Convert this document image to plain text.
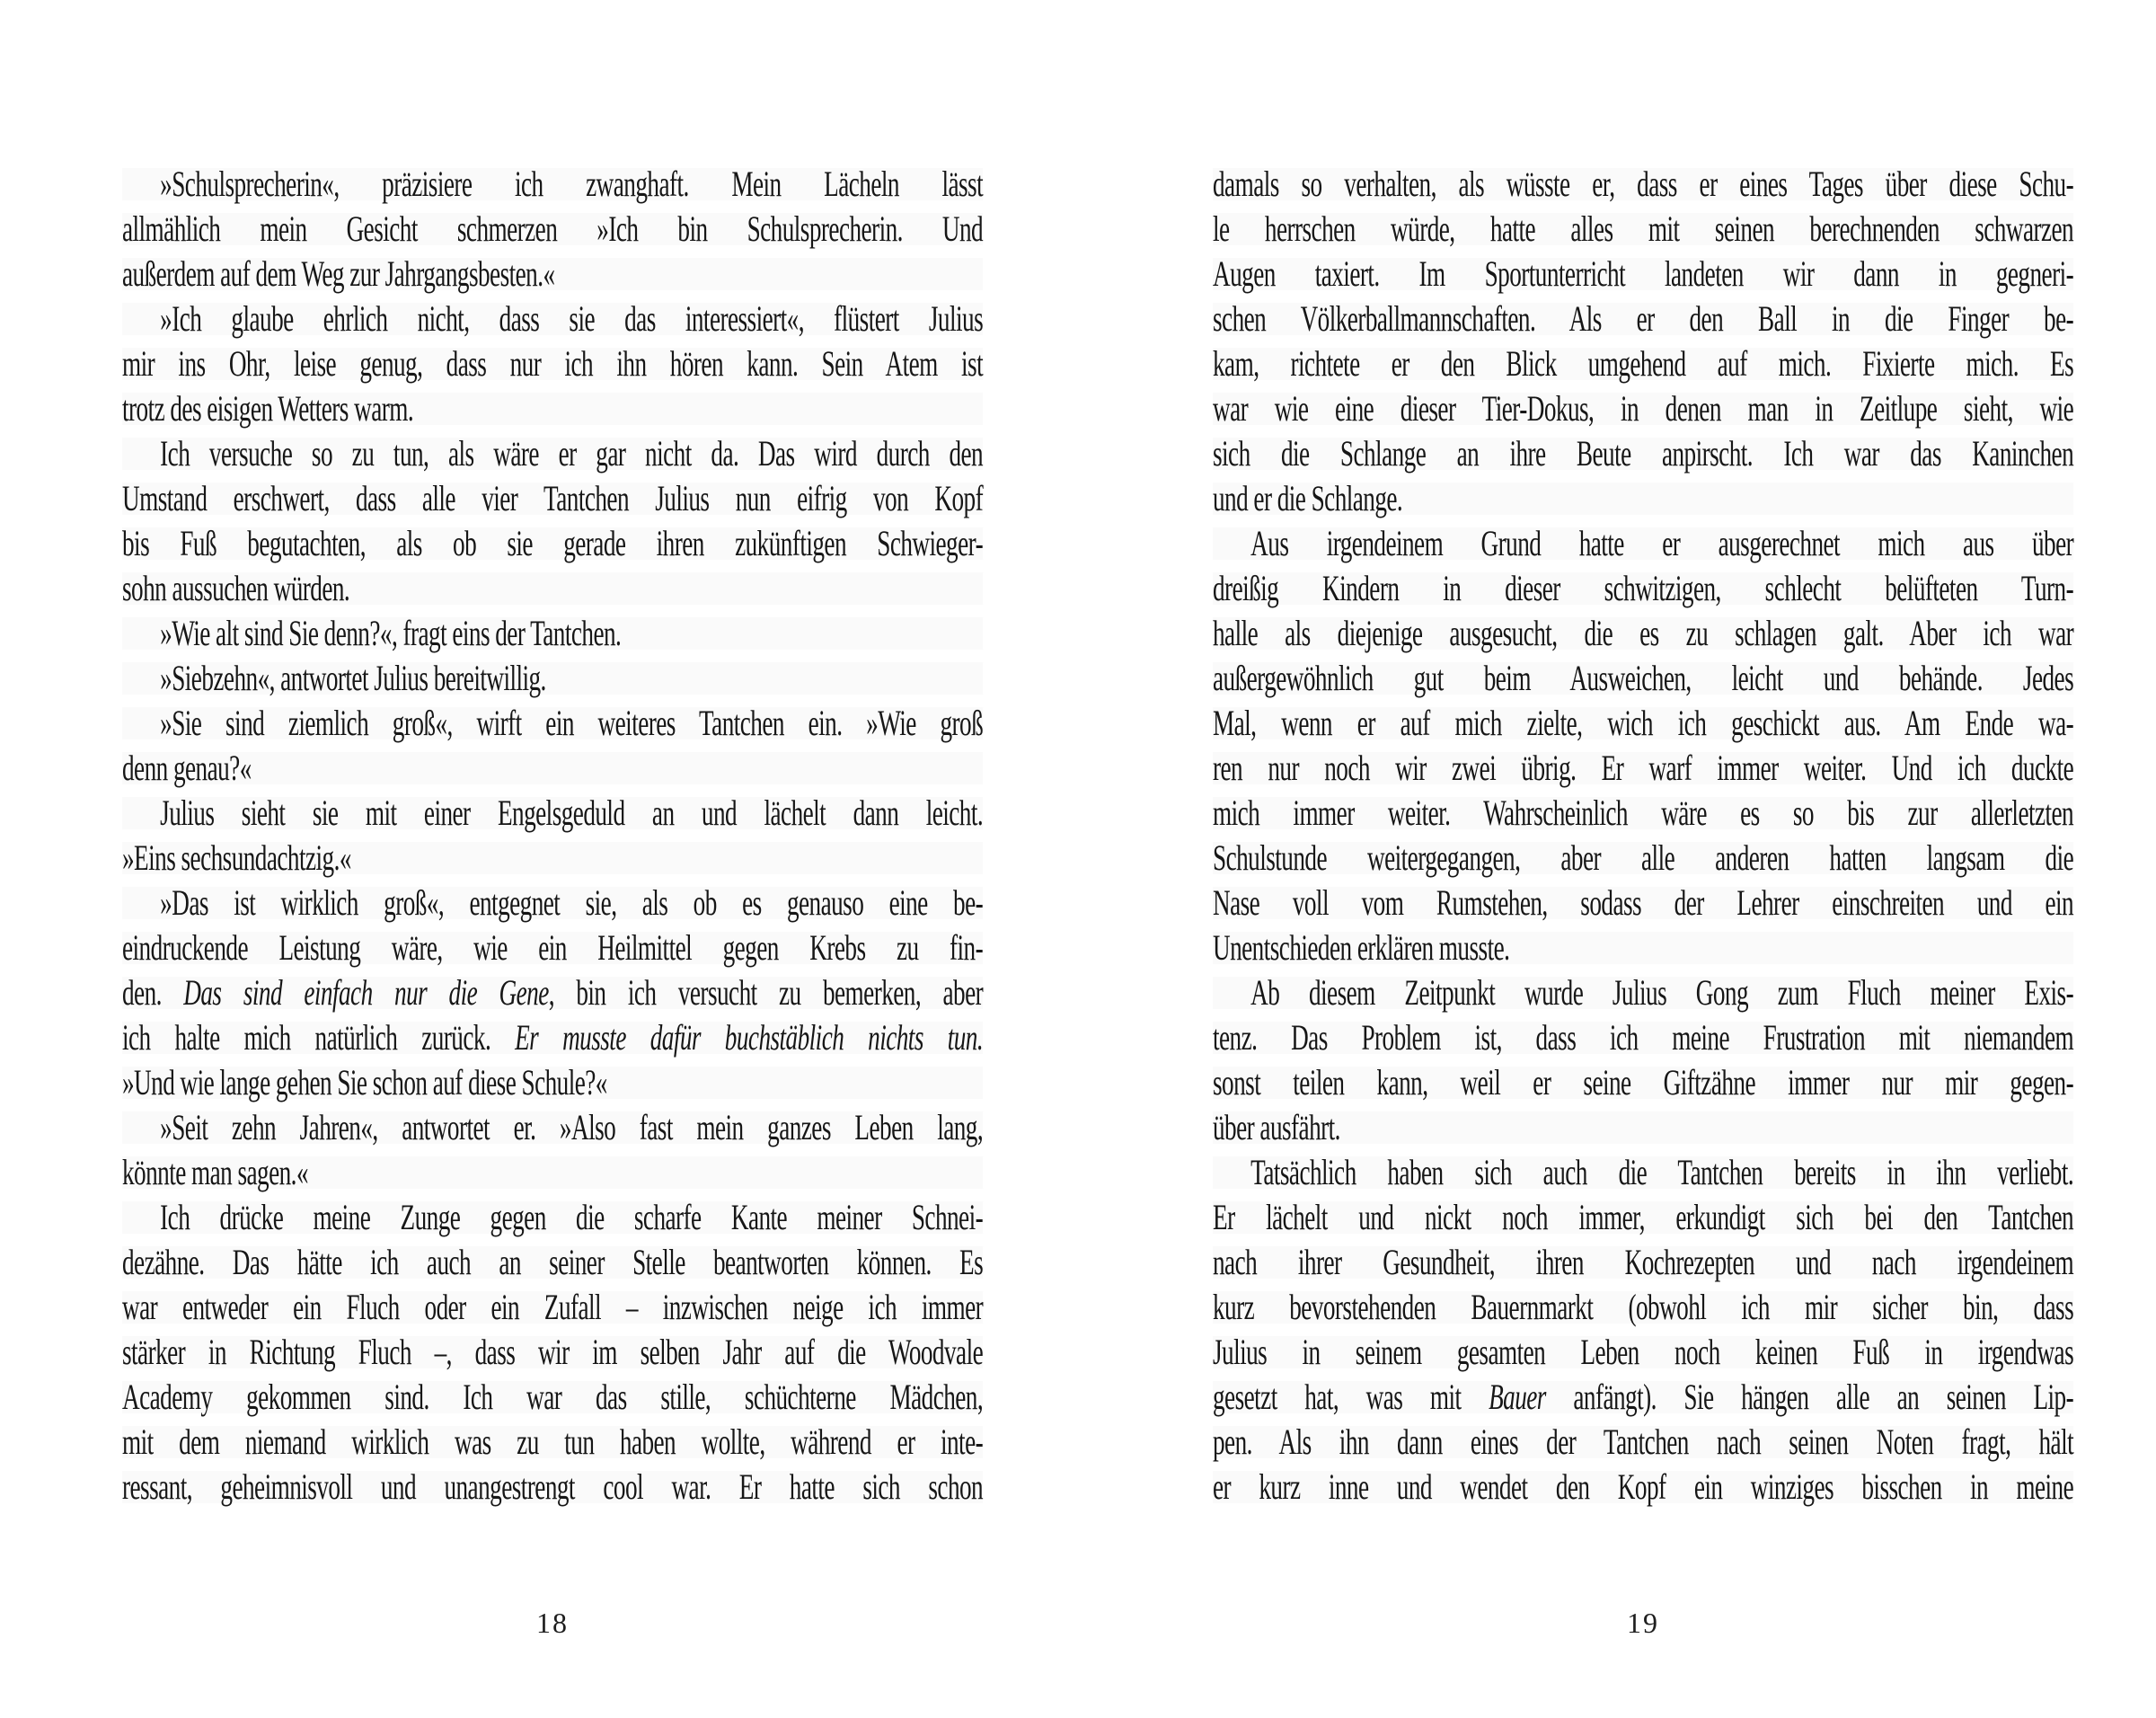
»Schulsprecherin«, präzisiere ich zwanghaft. Mein Lächeln lässt
allmählich mein Gesicht schmerzen »Ich bin Schulsprecherin. Und
außerdem auf dem Weg zur Jahrgangsbesten.«
»Ich glaube ehrlich nicht, dass sie das interessiert«, flüstert Julius
mir ins Ohr, leise genug, dass nur ich ihn hören kann. Sein Atem ist
trotz des eisigen Wetters warm.
Ich versuche so zu tun, als wäre er gar nicht da. Das wird durch den
Umstand erschwert, dass alle vier Tantchen Julius nun eifrig von Kopf
bis Fuß begutachten, als ob sie gerade ihren zukünftigen Schwieger-
sohn aussuchen würden.
»Wie alt sind Sie denn?«, fragt eins der Tantchen.
»Siebzehn«, antwortet Julius bereitwillig.
»Sie sind ziemlich groß«, wirft ein weiteres Tantchen ein. »Wie groß
denn genau?«
Julius sieht sie mit einer Engelsgeduld an und lächelt dann leicht.
»Eins sechsundachtzig.«
»Das ist wirklich groß«, entgegnet sie, als ob es genauso eine be-
eindruckende Leistung wäre, wie ein Heilmittel gegen Krebs zu fin-
den. Das sind einfach nur die Gene, bin ich versucht zu bemerken, aber
ich halte mich natürlich zurück. Er musste dafür buchstäblich nichts tun.
»Und wie lange gehen Sie schon auf diese Schule?«
»Seit zehn Jahren«, antwortet er. »Also fast mein ganzes Leben lang,
könnte man sagen.«
Ich drücke meine Zunge gegen die scharfe Kante meiner Schnei-
dezähne. Das hätte ich auch an seiner Stelle beantworten können. Es
war entweder ein Fluch oder ein Zufall – inzwischen neige ich immer
stärker in Richtung Fluch –, dass wir im selben Jahr auf die Woodvale
Academy gekommen sind. Ich war das stille, schüchterne Mädchen,
mit dem niemand wirklich was zu tun haben wollte, während er inte-
ressant, geheimnisvoll und unangestrengt cool war. Er hatte sich schon
damals so verhalten, als wüsste er, dass er eines Tages über diese Schu-
le herrschen würde, hatte alles mit seinen berechnenden schwarzen
Augen taxiert. Im Sportunterricht landeten wir dann in gegneri-
schen Völkerballmannschaften. Als er den Ball in die Finger be-
kam, richtete er den Blick umgehend auf mich. Fixierte mich. Es
war wie eine dieser Tier-Dokus, in denen man in Zeitlupe sieht, wie
sich die Schlange an ihre Beute anpirscht. Ich war das Kaninchen
und er die Schlange.
Aus irgendeinem Grund hatte er ausgerechnet mich aus über
dreißig Kindern in dieser schwitzigen, schlecht belüfteten Turn-
halle als diejenige ausgesucht, die es zu schlagen galt. Aber ich war
außergewöhnlich gut beim Ausweichen, leicht und behände. Jedes
Mal, wenn er auf mich zielte, wich ich geschickt aus. Am Ende wa-
ren nur noch wir zwei übrig. Er warf immer weiter. Und ich duckte
mich immer weiter. Wahrscheinlich wäre es so bis zur allerletzten
Schulstunde weitergegangen, aber alle anderen hatten langsam die
Nase voll vom Rumstehen, sodass der Lehrer einschreiten und ein
Unentschieden erklären musste.
Ab diesem Zeitpunkt wurde Julius Gong zum Fluch meiner Exis-
tenz. Das Problem ist, dass ich meine Frustration mit niemandem
sonst teilen kann, weil er seine Giftzähne immer nur mir gegen-
über ausfährt.
Tatsächlich haben sich auch die Tantchen bereits in ihn verliebt.
Er lächelt und nickt noch immer, erkundigt sich bei den Tantchen
nach ihrer Gesundheit, ihren Kochrezepten und nach irgendeinem
kurz bevorstehenden Bauernmarkt (obwohl ich mir sicher bin, dass
Julius in seinem gesamten Leben noch keinen Fuß in irgendwas
gesetzt hat, was mit Bauer anfängt). Sie hängen alle an seinen Lip-
pen. Als ihn dann eines der Tantchen nach seinen Noten fragt, hält
er kurz inne und wendet den Kopf ein winziges bisschen in meine
18	19
